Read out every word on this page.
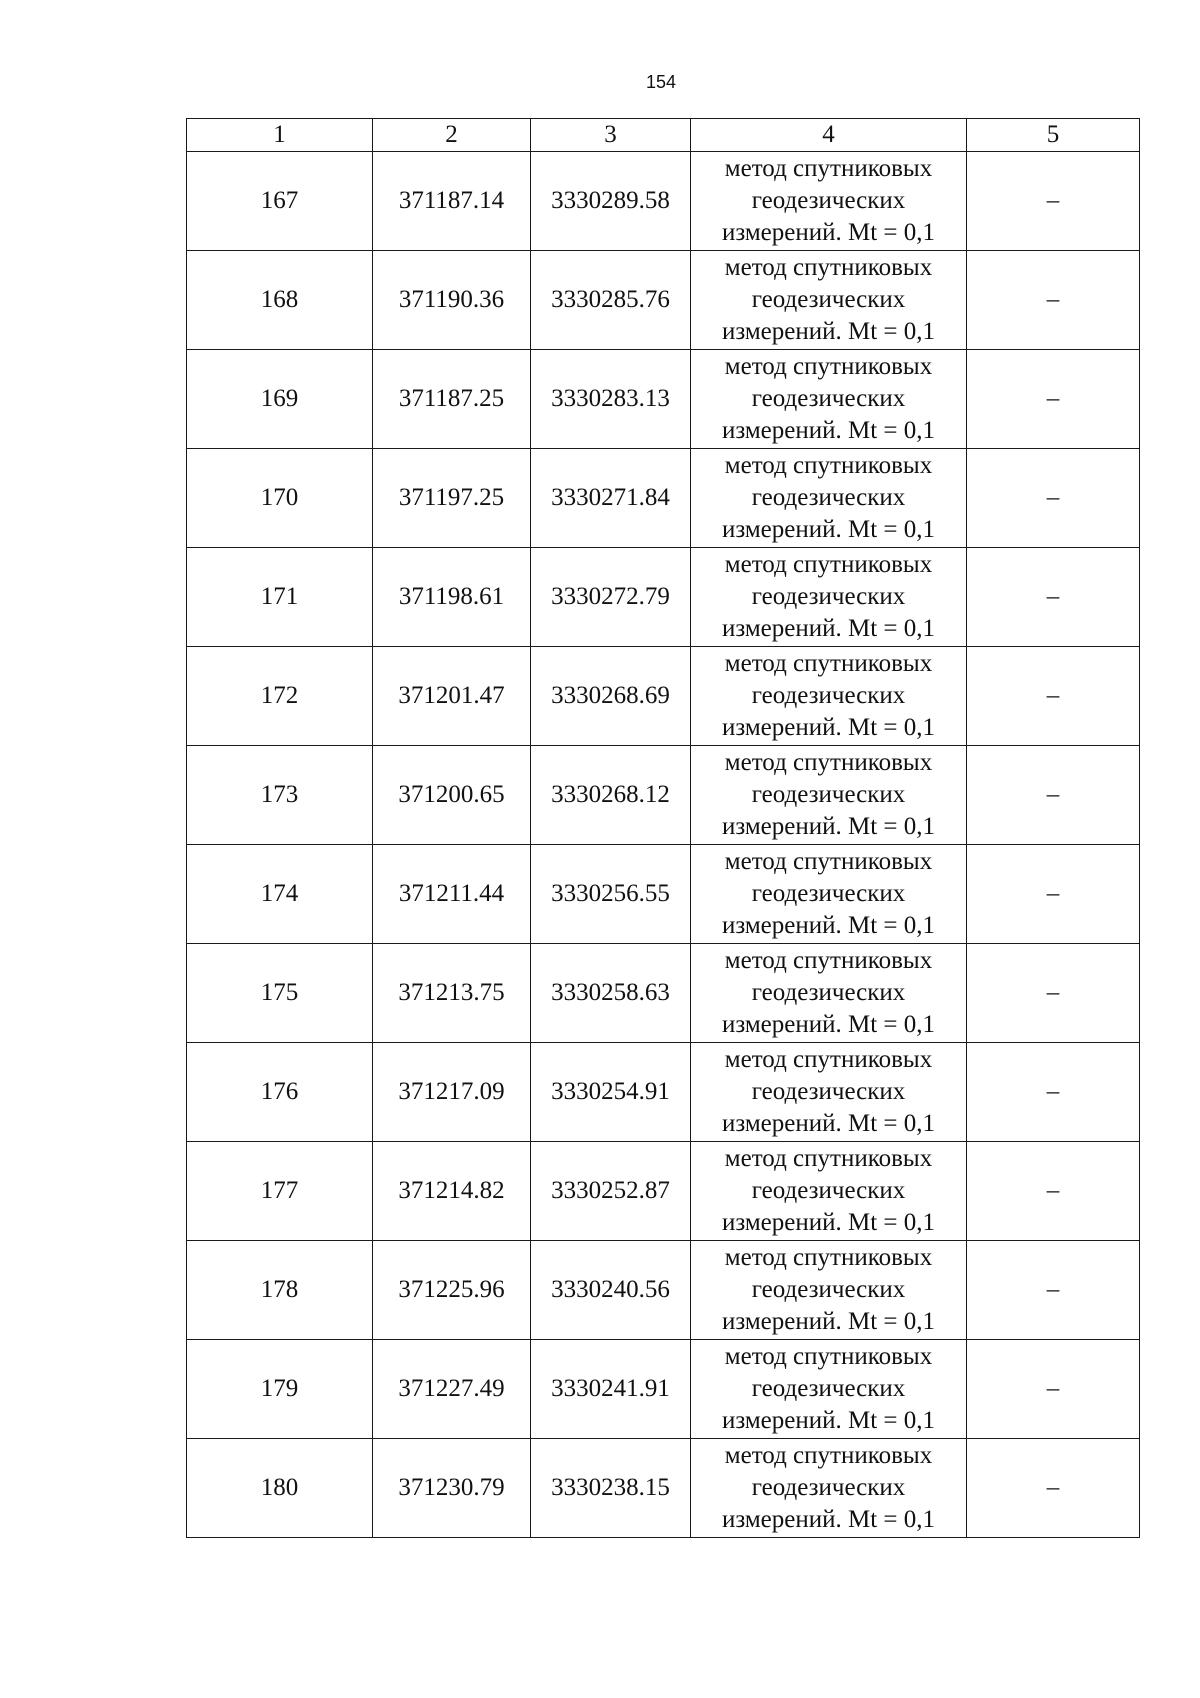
154
1	2	3	4	5
167	371187.14	3330289.58	метод спутниковых
геодезических
измерений. Mt = 0,1	–
168	371190.36	3330285.76	метод спутниковых
геодезических
измерений. Mt = 0,1	–
169	371187.25	3330283.13	метод спутниковых
геодезических
измерений. Mt = 0,1	–
170	371197.25	3330271.84	метод спутниковых
геодезических
измерений. Mt = 0,1	–
171	371198.61	3330272.79	метод спутниковых
геодезических
измерений. Mt = 0,1	–
172	371201.47	3330268.69	метод спутниковых
геодезических
измерений. Mt = 0,1	–
173	371200.65	3330268.12	метод спутниковых
геодезических
измерений. Mt = 0,1	–
174	371211.44	3330256.55	метод спутниковых
геодезических
измерений. Mt = 0,1	–
175	371213.75	3330258.63	метод спутниковых
геодезических
измерений. Mt = 0,1	–
176	371217.09	3330254.91	метод спутниковых
геодезических
измерений. Mt = 0,1	–
177	371214.82	3330252.87	метод спутниковых
геодезических
измерений. Mt = 0,1	–
178	371225.96	3330240.56	метод спутниковых
геодезических
измерений. Mt = 0,1	–
179	371227.49	3330241.91	метод спутниковых
геодезических
измерений. Mt = 0,1	–
180	371230.79	3330238.15	метод спутниковых
геодезических
измерений. Mt = 0,1	–
